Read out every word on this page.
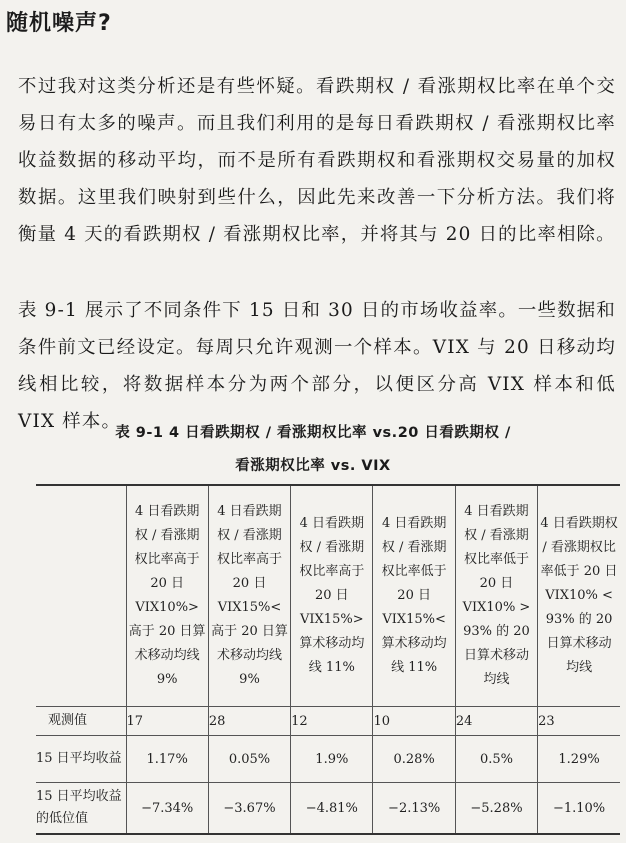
随机噪声?

不过我对这类分析还是有些怀疑。看跌期权 / 看涨期权比率在单个交易日有太多的噪声。而且我们利用的是每日看跌期权 / 看涨期权比率收益数据的移动平均，而不是所有看跌期权和看涨期权交易量的加权数据。这里我们映射到些什么，因此先来改善一下分析方法。我们将衡量 4 天的看跌期权 / 看涨期权比率，并将其与 20 日的比率相除。

表 9-1 展示了不同条件下 15 日和 30 日的市场收益率。一些数据和条件前文已经设定。每周只允许观测一个样本。VIX 与 20 日移动均线相比较，将数据样本分为两个部分，以便区分高 VIX 样本和低 VIX 样本。

表 9-1 4 日看跌期权 / 看涨期权比率 vs.20 日看跌期权 /
看涨期权比率 vs. VIX
	4 日看跌期权 / 看涨期权比率高于 20 日 VIX10%> 高于 20 日算术移动均线 9%	4 日看跌期权 / 看涨期权比率高于 20 日 VIX15%< 高于 20 日算术移动均线 9%	4 日看跌期权 / 看涨期权比率高于 20 日 VIX15%> 算术移动均线 11%	4 日看跌期权 / 看涨期权比率低于 20 日 VIX15%< 算术移动均线 11%	4 日看跌期权 / 看涨期权比率低于 20 日 VIX10% > 93% 的 20 日算术移动均线	4 日看跌期权 / 看涨期权比率低于 20 日 VIX10% < 93% 的 20 日算术移动均线
观测值	17	28	12	10	24	23
15 日平均收益	1.17%	0.05%	1.9%	0.28%	0.5%	1.29%
15 日平均收益的低位值	−7.34%	−3.67%	−4.81%	−2.13%	−5.28%	−1.10%
